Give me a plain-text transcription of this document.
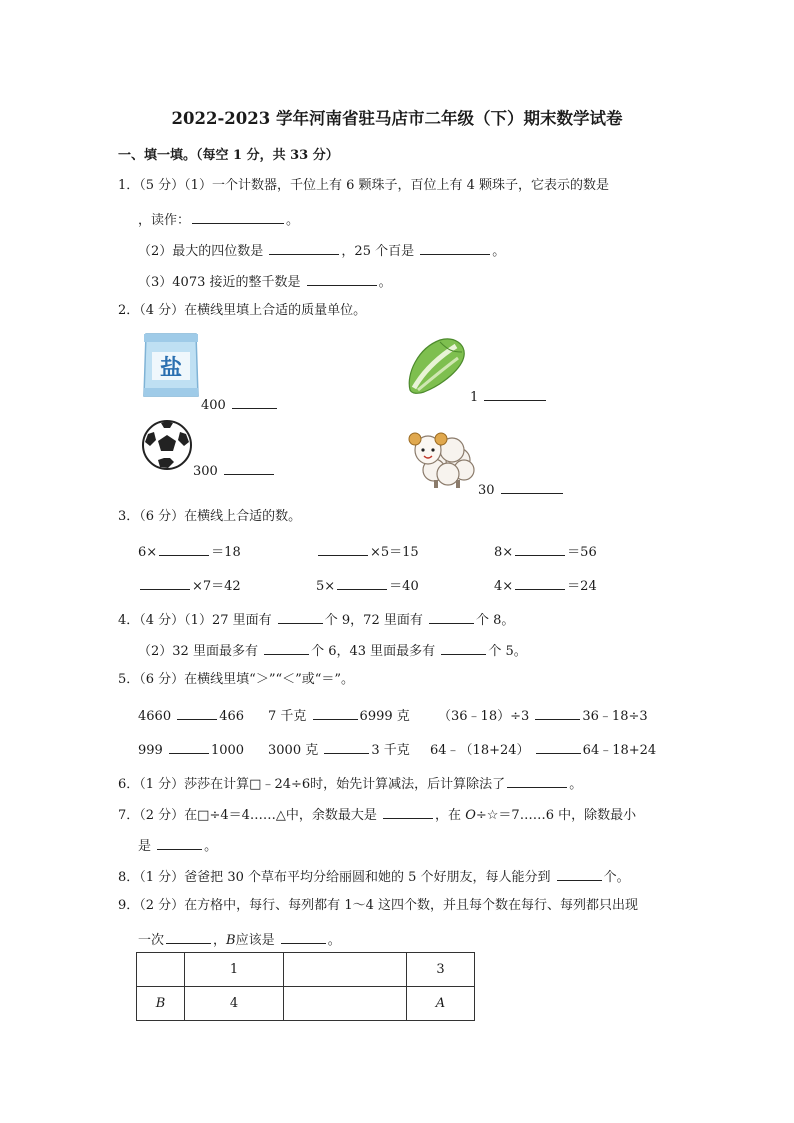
2022-2023 学年河南省驻马店市二年级（下）期末数学试卷
一、填一填。（每空 1 分，共 33 分）
1．（5 分）（1）一个计数器，千位上有 6 颗珠子，百位上有 4 颗珠子，它表示的数是
，读作：	。
（2）最大的四位数是	，25 个百是	。
（3）4073 接近的整千数是	。
2．（4 分）在横线里填上合适的质量单位。
盐
400
1
300
30
3．（6 分）在横线上合适的数。
6×	＝18	×5＝15	8×	＝56
×7＝42	5×	＝40	4×	＝24
4．（4 分）（1）27 里面有	个 9，72 里面有	个 8。
（2）32 里面最多有	个 6，43 里面最多有	个 5。
5．（6 分）在横线里填“＞”“＜”或“＝”。
4660	466 7 千克	6999 克 （36﹣18）÷3	36﹣18÷3
999	1000 3000 克	3 千克 64﹣（18+24）	64﹣18+24
6．（1 分）莎莎在计算□﹣24÷6时，始先计算减法，后计算除法了	。
7．（2 分）在□÷4＝4……△中，余数最大是	，在 O÷☆＝7……6 中，除数最小
是	。
8．（1 分）爸爸把 30 个草布平均分给丽圆和她的 5 个好朋友，每人能分到	个。
9．（2 分）在方格中，每行、每列都有 1～4 这四个数，并且每个数在每行、每列都只出现
一次	，B应该是	。
	1		3
B	4		A
